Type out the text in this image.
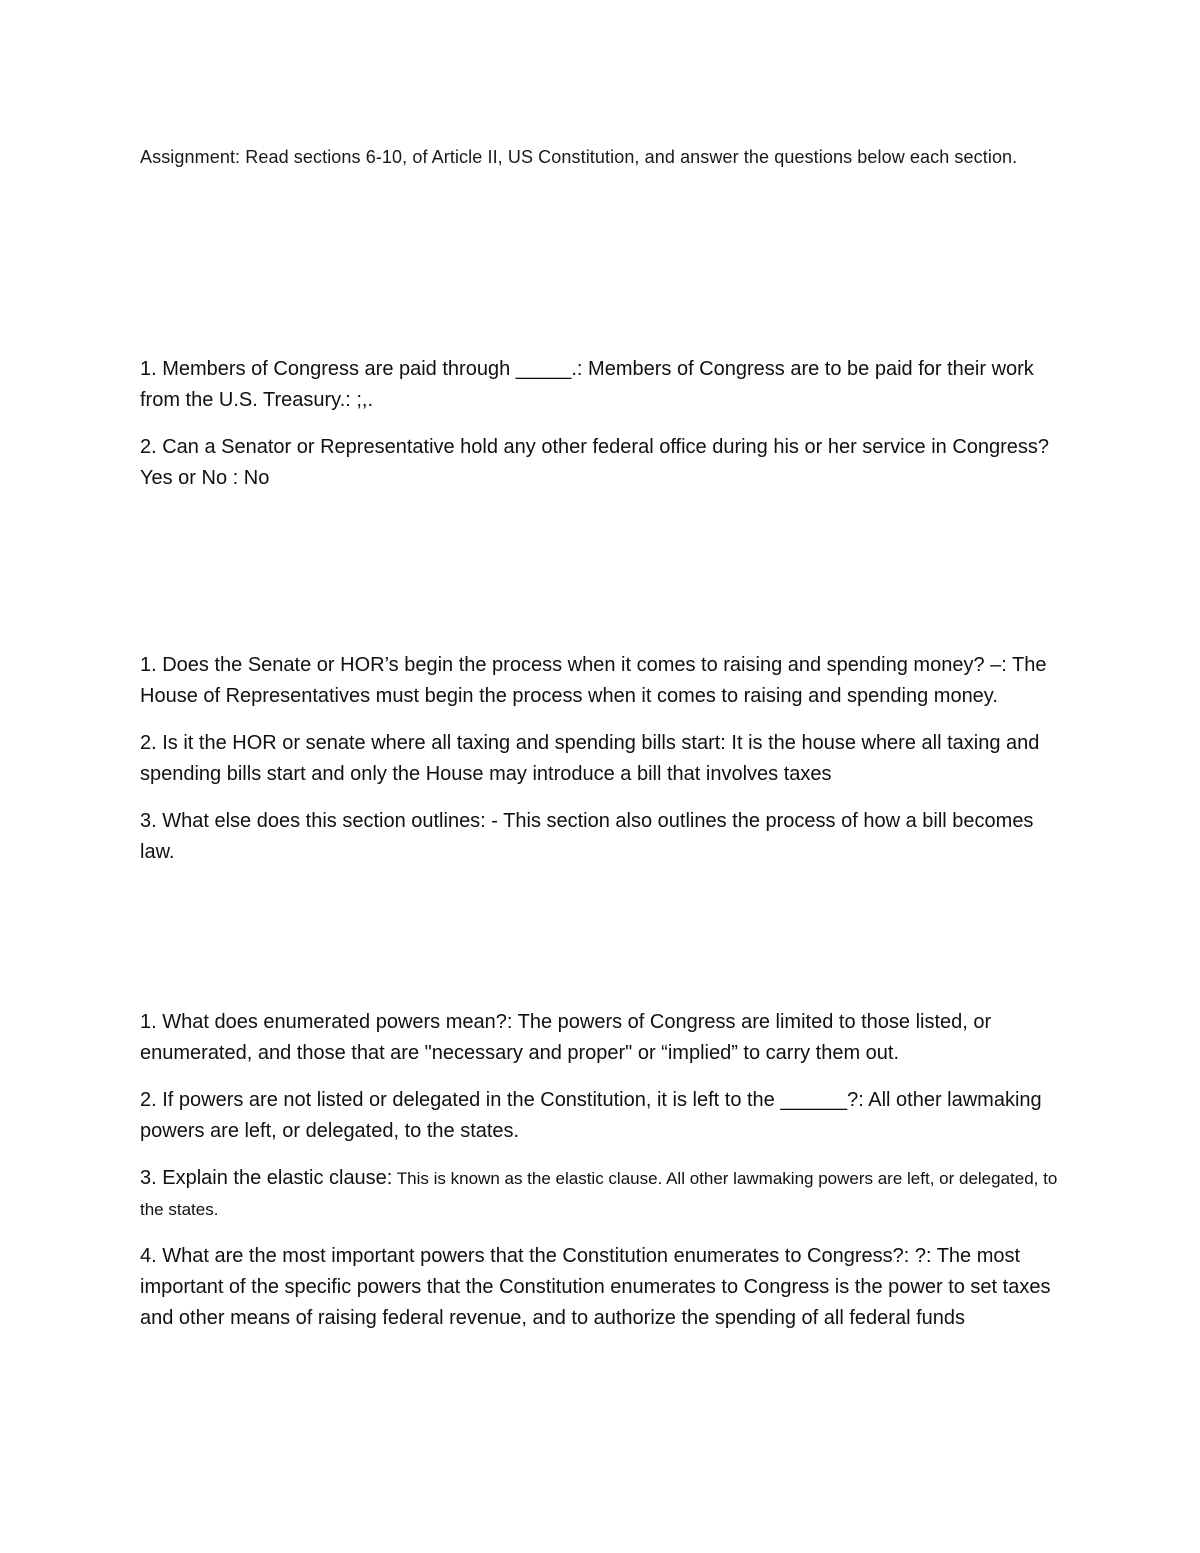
Assignment: Read sections 6-10, of Article II, US Constitution, and answer the questions below each section.

1. Members of Congress are paid through _____.: Members of Congress are to be paid for their work from the U.S. Treasury.: ;,.

2. Can a Senator or Representative hold any other federal office during his or her service in Congress? Yes or No : No

1. Does the Senate or HOR’s begin the process when it comes to raising and spending money? –: The House of Representatives must begin the process when it comes to raising and spending money.

2. Is it the HOR or senate where all taxing and spending bills start: It is the house where all taxing and spending bills start and only the House may introduce a bill that involves taxes

3. What else does this section outlines: - This section also outlines the process of how a bill becomes law.

1. What does enumerated powers mean?: The powers of Congress are limited to those listed, or enumerated, and those that are "necessary and proper" or “implied” to carry them out.

2. If powers are not listed or delegated in the Constitution, it is left to the ______?: All other lawmaking powers are left, or delegated, to the states.

3. Explain the elastic clause: This is known as the elastic clause. All other lawmaking powers are left, or delegated, to the states.

4. What are the most important powers that the Constitution enumerates to Congress?: ?: The most important of the specific powers that the Constitution enumerates to Congress is the power to set taxes and other means of raising federal revenue, and to authorize the spending of all federal funds
